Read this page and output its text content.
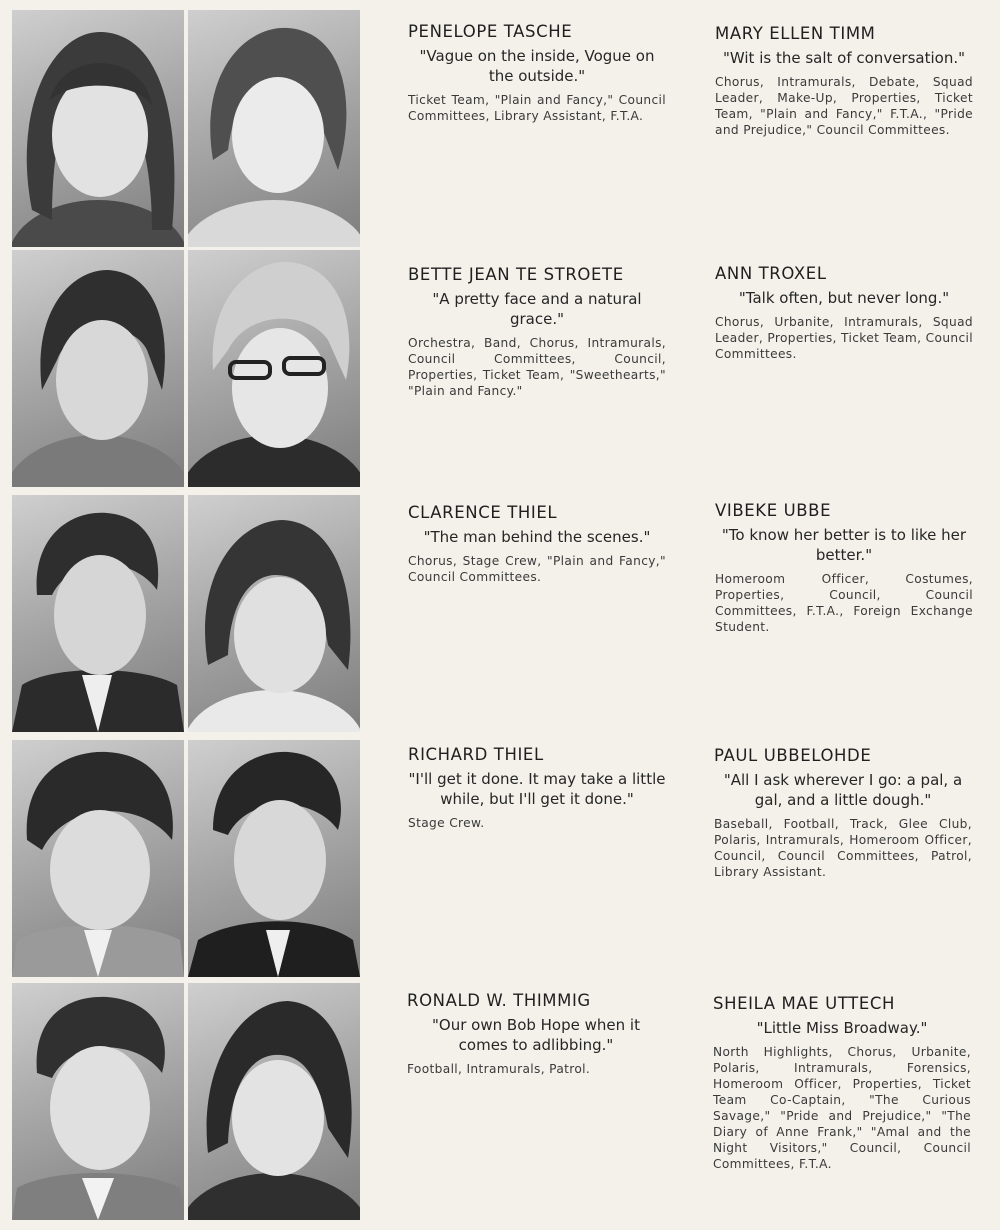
PENELOPE TASCHE
"Vague on the inside, Vogue on the outside."
Ticket Team, "Plain and Fancy," Council Committees, Library Assistant, F.T.A.
MARY ELLEN TIMM
"Wit is the salt of conversation."
Chorus, Intramurals, Debate, Squad Leader, Make-Up, Properties, Ticket Team, "Plain and Fancy," F.T.A., "Pride and Prejudice," Council Committees.
BETTE JEAN TE STROETE
"A pretty face and a natural grace."
Orchestra, Band, Chorus, Intramurals, Council Committees, Council, Properties, Ticket Team, "Sweethearts," "Plain and Fancy."
ANN TROXEL
"Talk often, but never long."
Chorus, Urbanite, Intramurals, Squad Leader, Properties, Ticket Team, Council Committees.
CLARENCE THIEL
"The man behind the scenes."
Chorus, Stage Crew, "Plain and Fancy," Council Committees.
VIBEKE UBBE
"To know her better is to like her better."
Homeroom Officer, Costumes, Properties, Council, Council Committees, F.T.A., Foreign Exchange Student.
RICHARD THIEL
"I'll get it done. It may take a little while, but I'll get it done."
Stage Crew.
PAUL UBBELOHDE
"All I ask wherever I go: a pal, a gal, and a little dough."
Baseball, Football, Track, Glee Club, Polaris, Intramurals, Homeroom Officer, Council, Council Committees, Patrol, Library Assistant.
RONALD W. THIMMIG
"Our own Bob Hope when it comes to adlibbing."
Football, Intramurals, Patrol.
SHEILA MAE UTTECH
"Little Miss Broadway."
North Highlights, Chorus, Urbanite, Polaris, Intramurals, Forensics, Homeroom Officer, Properties, Ticket Team Co-Captain, "The Curious Savage," "Pride and Prejudice," "The Diary of Anne Frank," "Amal and the Night Visitors," Council, Council Committees, F.T.A.
